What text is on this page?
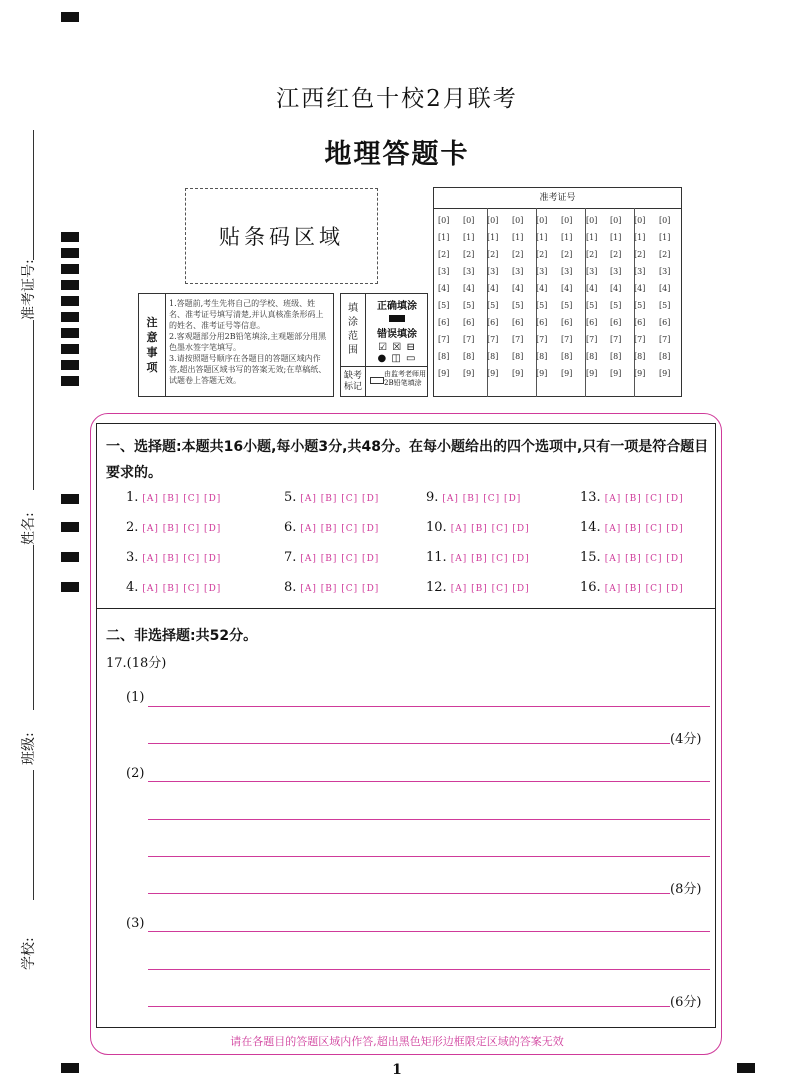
准考证号:
姓名:
班级:
学校:
江西红色十校2月联考
地理答题卡
贴条码区域
注
意
事
项
1.答题前,考生先将自己的学校、班级、姓名、准考证号填写清楚,并认真核准条形码上的姓名、准考证号等信息。
2.客观题部分用2B铅笔填涂,主观题部分用黑色墨水签字笔填写。
3.请按照题号顺序在各题目的答题区域内作答,超出答题区域书写的答案无效;在草稿纸、试题卷上答题无效。
填
涂
范
围
正确填涂
错误填涂
☑ ☒ ⊟
● ◫ ▭
缺考
标记
由监考老师用2B铅笔填涂
准考证号
[0]
[1]
[2]
[3]
[4]
[5]
[6]
[7]
[8]
[9]
[0]
[1]
[2]
[3]
[4]
[5]
[6]
[7]
[8]
[9]
[0]
[1]
[2]
[3]
[4]
[5]
[6]
[7]
[8]
[9]
[0]
[1]
[2]
[3]
[4]
[5]
[6]
[7]
[8]
[9]
[0]
[1]
[2]
[3]
[4]
[5]
[6]
[7]
[8]
[9]
[0]
[1]
[2]
[3]
[4]
[5]
[6]
[7]
[8]
[9]
[0]
[1]
[2]
[3]
[4]
[5]
[6]
[7]
[8]
[9]
[0]
[1]
[2]
[3]
[4]
[5]
[6]
[7]
[8]
[9]
[0]
[1]
[2]
[3]
[4]
[5]
[6]
[7]
[8]
[9]
[0]
[1]
[2]
[3]
[4]
[5]
[6]
[7]
[8]
[9]
一、选择题:本题共16小题,每小题3分,共48分。在每小题给出的四个选项中,只有一项是符合题目要求的。
1. [A] [B] [C] [D]
2. [A] [B] [C] [D]
3. [A] [B] [C] [D]
4. [A] [B] [C] [D]
5. [A] [B] [C] [D]
6. [A] [B] [C] [D]
7. [A] [B] [C] [D]
8. [A] [B] [C] [D]
9. [A] [B] [C] [D]
10. [A] [B] [C] [D]
11. [A] [B] [C] [D]
12. [A] [B] [C] [D]
13. [A] [B] [C] [D]
14. [A] [B] [C] [D]
15. [A] [B] [C] [D]
16. [A] [B] [C] [D]
二、非选择题:共52分。
17.(18分)
(1)
(4分)
(2)
(8分)
(3)
(6分)
请在各题目的答题区域内作答,超出黑色矩形边框限定区域的答案无效
1
